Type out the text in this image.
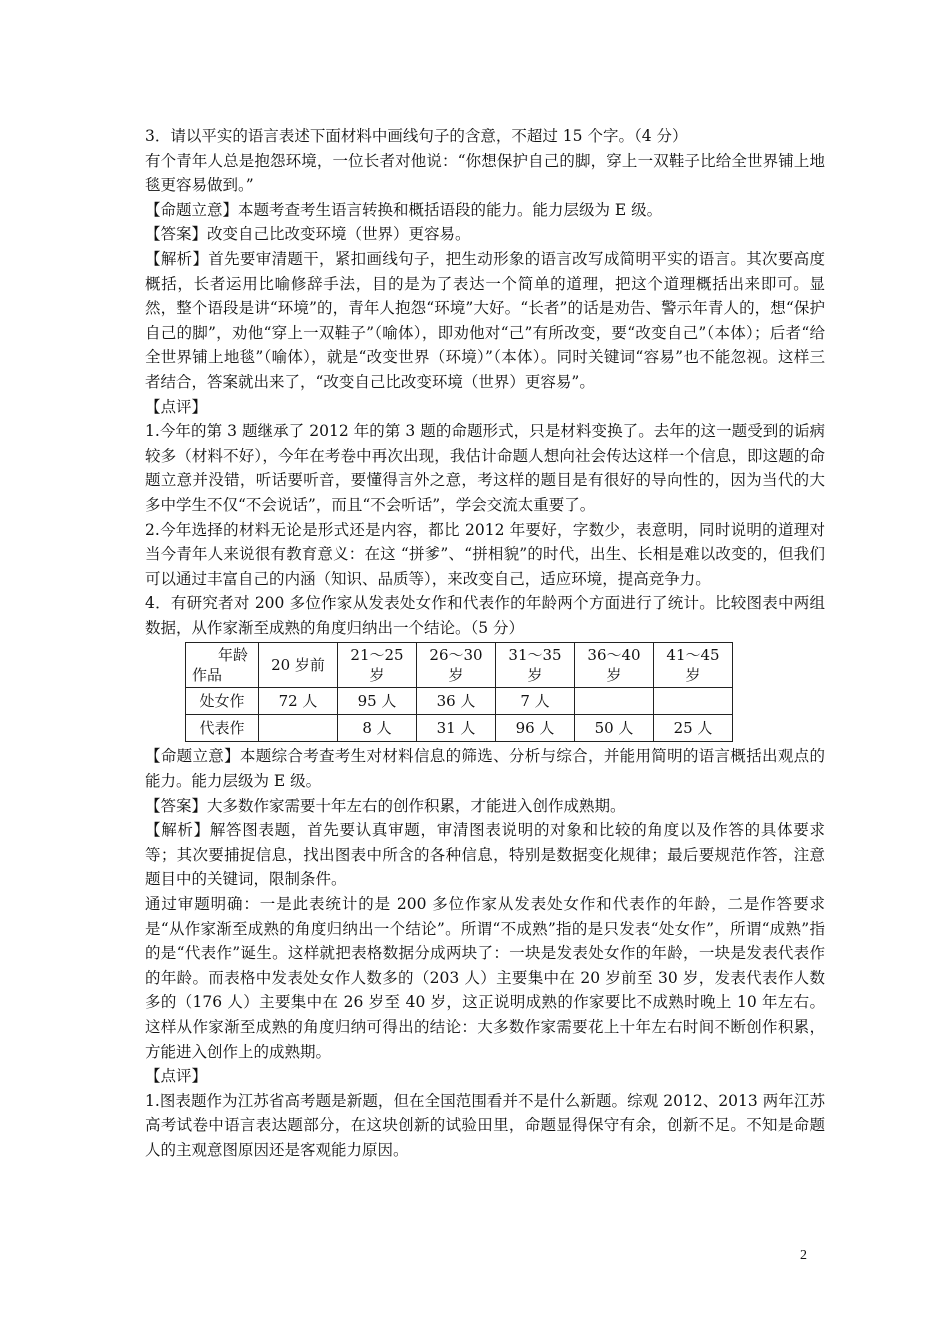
3．请以平实的语言表述下面材料中画线句子的含意，不超过 15 个字。（4 分）

有个青年人总是抱怨环境，一位长者对他说：“你想保护自己的脚，穿上一双鞋子比给全世界铺上地毯更容易做到。”

【命题立意】本题考查考生语言转换和概括语段的能力。能力层级为 E 级。

【答案】改变自己比改变环境（世界）更容易。

【解析】首先要审清题干，紧扣画线句子，把生动形象的语言改写成简明平实的语言。其次要高度概括，长者运用比喻修辞手法，目的是为了表达一个简单的道理，把这个道理概括出来即可。显然，整个语段是讲“环境”的，青年人抱怨“环境”大好。“长者”的话是劝告、警示年青人的，想“保护自己的脚”，劝他“穿上一双鞋子”（喻体），即劝他对“己”有所改变，要“改变自己”（本体）；后者“给全世界铺上地毯”（喻体），就是“改变世界（环境）”（本体）。同时关键词“容易”也不能忽视。这样三者结合，答案就出来了，“改变自己比改变环境（世界）更容易”。

【点评】

1.今年的第 3 题继承了 2012 年的第 3 题的命题形式，只是材料变换了。去年的这一题受到的诟病较多（材料不好），今年在考卷中再次出现，我估计命题人想向社会传达这样一个信息，即这题的命题立意并没错，听话要听音，要懂得言外之意，考这样的题目是有很好的导向性的，因为当代的大多中学生不仅“不会说话”，而且“不会听话”，学会交流太重要了。

2.今年选择的材料无论是形式还是内容，都比 2012 年要好，字数少，表意明，同时说明的道理对当今青年人来说很有教育意义：在这 “拼爹”、“拼相貌”的时代，出生、长相是难以改变的，但我们可以通过丰富自己的内涵（知识、品质等），来改变自己，适应环境，提高竞争力。

4．有研究者对 200 多位作家从发表处女作和代表作的年龄两个方面进行了统计。比较图表中两组数据，从作家渐至成熟的角度归纳出一个结论。（5 分）

年龄
作品	20 岁前	21～25 岁	26～30 岁	31～35 岁	36～40 岁	41～45 岁
处女作	72 人	95 人	36 人	7 人		
代表作		8 人	31 人	96 人	50 人	25 人

【命题立意】本题综合考查考生对材料信息的筛选、分析与综合，并能用简明的语言概括出观点的能力。能力层级为 E 级。

【答案】大多数作家需要十年左右的创作积累，才能进入创作成熟期。

【解析】解答图表题，首先要认真审题，审清图表说明的对象和比较的角度以及作答的具体要求等；其次要捕捉信息，找出图表中所含的各种信息，特别是数据变化规律；最后要规范作答，注意题目中的关键词，限制条件。

通过审题明确：一是此表统计的是 200 多位作家从发表处女作和代表作的年龄，二是作答要求是“从作家渐至成熟的角度归纳出一个结论”。所谓“不成熟”指的是只发表“处女作”，所谓“成熟”指的是“代表作”诞生。这样就把表格数据分成两块了：一块是发表处女作的年龄，一块是发表代表作的年龄。而表格中发表处女作人数多的（203 人）主要集中在 20 岁前至 30 岁，发表代表作人数多的（176 人）主要集中在 26 岁至 40 岁，这正说明成熟的作家要比不成熟时晚上 10 年左右。这样从作家渐至成熟的角度归纳可得出的结论：大多数作家需要花上十年左右时间不断创作积累，方能进入创作上的成熟期。

【点评】

1.图表题作为江苏省高考题是新题，但在全国范围看并不是什么新题。综观 2012、2013 两年江苏高考试卷中语言表达题部分，在这块创新的试验田里，命题显得保守有余，创新不足。不知是命题人的主观意图原因还是客观能力原因。

2
